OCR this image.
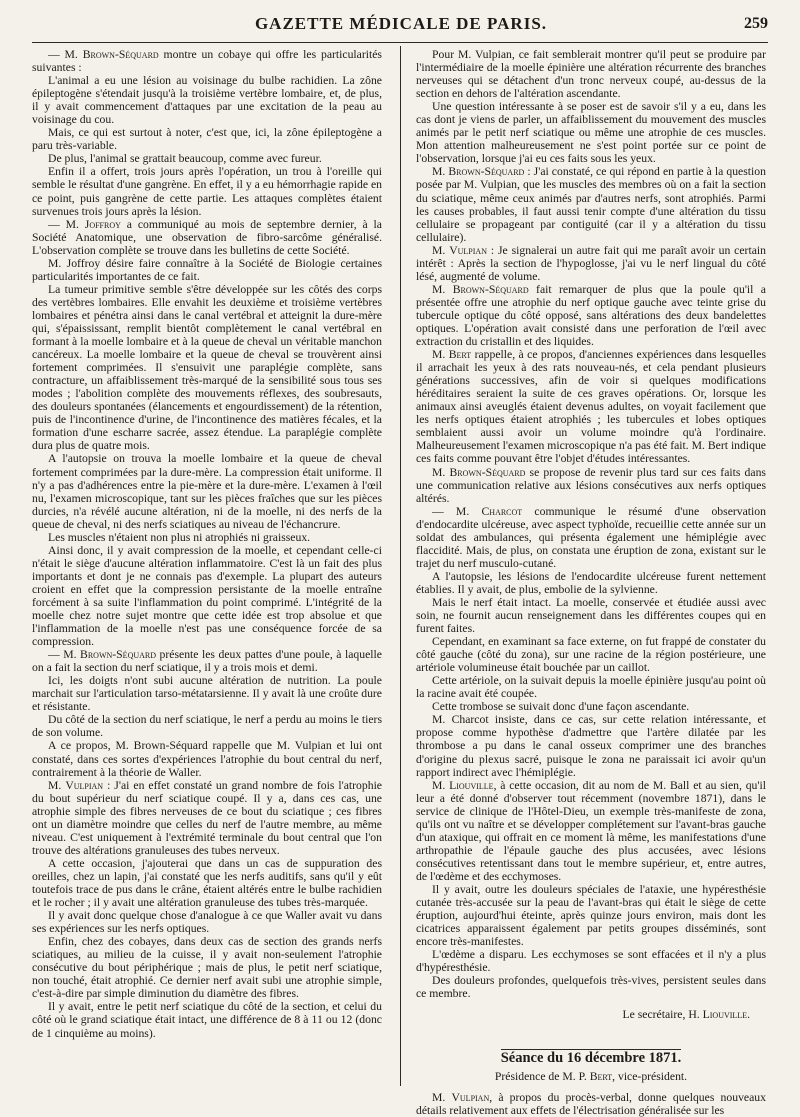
GAZETTE MÉDICALE DE PARIS.	259

— M. Brown-Séquard montre un cobaye qui offre les particularités suivantes :

L'animal a eu une lésion au voisinage du bulbe rachidien. La zône épileptogène s'étendait jusqu'à la troisième vertèbre lombaire, et, de plus, il y avait commencement d'attaques par une excitation de la peau au voisinage du cou.

Mais, ce qui est surtout à noter, c'est que, ici, la zône épileptogène a paru très-variable.

De plus, l'animal se grattait beaucoup, comme avec fureur.

Enfin il a offert, trois jours après l'opération, un trou à l'oreille qui semble le résultat d'une gangrène. En effet, il y a eu hémorrhagie rapide en ce point, puis gangrène de cette partie. Les attaques complètes étaient survenues trois jours après la lésion.

— M. Joffroy a communiqué au mois de septembre dernier, à la Société Anatomique, une observation de fibro-sarcôme généralisé. L'observation complète se trouve dans les bulletins de cette Société.

M. Joffroy désire faire connaître à la Société de Biologie certaines particularités importantes de ce fait.

La tumeur primitive semble s'être développée sur les côtés des corps des vertèbres lombaires. Elle envahit les deuxième et troisième vertèbres lombaires et pénétra ainsi dans le canal vertébral et atteignit la dure-mère qui, s'épaississant, remplit bientôt complètement le canal vertébral en formant à la moelle lombaire et à la queue de cheval un véritable manchon cancéreux. La moelle lombaire et la queue de cheval se trouvèrent ainsi fortement comprimées. Il s'ensuivit une paraplégie complète, sans contracture, un affaiblissement très-marqué de la sensibilité sous tous ses modes ; l'abolition complète des mouvements réflexes, des soubresauts, des douleurs spontanées (élancements et engourdissement) de la rétention, puis de l'incontinence d'urine, de l'incontinence des matières fécales, et la formation d'une escharre sacrée, assez étendue. La paraplégie complète dura plus de quatre mois.

A l'autopsie on trouva la moelle lombaire et la queue de cheval fortement comprimées par la dure-mère. La compression était uniforme. Il n'y a pas d'adhérences entre la pie-mère et la dure-mère. L'examen à l'œil nu, l'examen microscopique, tant sur les pièces fraîches que sur les pièces durcies, n'a révélé aucune altération, ni de la moelle, ni des nerfs de la queue de cheval, ni des nerfs sciatiques au niveau de l'échancrure.

Les muscles n'étaient non plus ni atrophiés ni graisseux.

Ainsi donc, il y avait compression de la moelle, et cependant celle-ci n'était le siège d'aucune altération inflammatoire. C'est là un fait des plus importants et dont je ne connais pas d'exemple. La plupart des auteurs croient en effet que la compression persistante de la moelle entraîne forcément à sa suite l'inflammation du point comprimé. L'intégrité de la moelle chez notre sujet montre que cette idée est trop absolue et que l'inflammation de la moelle n'est pas une conséquence forcée de sa compression.

— M. Brown-Séquard présente les deux pattes d'une poule, à laquelle on a fait la section du nerf sciatique, il y a trois mois et demi.

Ici, les doigts n'ont subi aucune altération de nutrition. La poule marchait sur l'articulation tarso-métatarsienne. Il y avait là une croûte dure et résistante.

Du côté de la section du nerf sciatique, le nerf a perdu au moins le tiers de son volume.

A ce propos, M. Brown-Séquard rappelle que M. Vulpian et lui ont constaté, dans ces sortes d'expériences l'atrophie du bout central du nerf, contrairement à la théorie de Waller.

M. Vulpian : J'ai en effet constaté un grand nombre de fois l'atrophie du bout supérieur du nerf sciatique coupé. Il y a, dans ces cas, une atrophie simple des fibres nerveuses de ce bout du sciatique ; ces fibres ont un diamètre moindre que celles du nerf de l'autre membre, au même niveau. C'est uniquement à l'extrémité terminale du bout central que l'on trouve des altérations granuleuses des tubes nerveux.

A cette occasion, j'ajouterai que dans un cas de suppuration des oreilles, chez un lapin, j'ai constaté que les nerfs auditifs, sans qu'il y eût toutefois trace de pus dans le crâne, étaient altérés entre le bulbe rachidien et le rocher ; il y avait une altération granuleuse des tubes très-marquée.

Il y avait donc quelque chose d'analogue à ce que Waller avait vu dans ses expériences sur les nerfs optiques.

Enfin, chez des cobayes, dans deux cas de section des grands nerfs sciatiques, au milieu de la cuisse, il y avait non-seulement l'atrophie consécutive du bout périphérique ; mais de plus, le petit nerf sciatique, non touché, était atrophié. Ce dernier nerf avait subi une atrophie simple, c'est-à-dire par simple diminution du diamètre des fibres.

Il y avait, entre le petit nerf sciatique du côté de la section, et celui du côté où le grand sciatique était intact, une différence de 8 à 11 ou 12 (donc de 1 cinquième au moins).

Pour M. Vulpian, ce fait semblerait montrer qu'il peut se produire par l'intermédiaire de la moelle épinière une altération récurrente des branches nerveuses qui se détachent d'un tronc nerveux coupé, au-dessus de la section en dehors de l'altération ascendante.

Une question intéressante à se poser est de savoir s'il y a eu, dans les cas dont je viens de parler, un affaiblissement du mouvement des muscles animés par le petit nerf sciatique ou même une atrophie de ces muscles. Mon attention malheureusement ne s'est point portée sur ce point de l'observation, lorsque j'ai eu ces faits sous les yeux.

M. Brown-Séquard : J'ai constaté, ce qui répond en partie à la question posée par M. Vulpian, que les muscles des membres où on a fait la section du sciatique, même ceux animés par d'autres nerfs, sont atrophiés. Parmi les causes probables, il faut aussi tenir compte d'une altération du tissu cellulaire se propageant par contiguité (car il y a altération du tissu cellulaire).

M. Vulpian : Je signalerai un autre fait qui me paraît avoir un certain intérêt : Après la section de l'hypoglosse, j'ai vu le nerf lingual du côté lésé, augmenté de volume.

M. Brown-Séquard fait remarquer de plus que la poule qu'il a présentée offre une atrophie du nerf optique gauche avec teinte grise du tubercule optique du côté opposé, sans altérations des deux bandelettes optiques. L'opération avait consisté dans une perforation de l'œil avec extraction du cristallin et des liquides.

M. Bert rappelle, à ce propos, d'anciennes expériences dans lesquelles il arrachait les yeux à des rats nouveau-nés, et cela pendant plusieurs générations successives, afin de voir si quelques modifications héréditaires seraient la suite de ces graves opérations. Or, lorsque les animaux ainsi aveuglés étaient devenus adultes, on voyait facilement que les nerfs optiques étaient atrophiés ; les tubercules et lobes optiques semblaient aussi avoir un volume moindre qu'à l'ordinaire. Malheureusement l'examen microscopique n'a pas été fait. M. Bert indique ces faits comme pouvant être l'objet d'études intéressantes.

M. Brown-Séquard se propose de revenir plus tard sur ces faits dans une communication relative aux lésions consécutives aux nerfs optiques altérés.

— M. Charcot communique le résumé d'une observation d'endocardite ulcéreuse, avec aspect typhoïde, recueillie cette année sur un soldat des ambulances, qui présenta également une hémiplégie avec flaccidité. Mais, de plus, on constata une éruption de zona, existant sur le trajet du nerf musculo-cutané.

A l'autopsie, les lésions de l'endocardite ulcéreuse furent nettement établies. Il y avait, de plus, embolie de la sylvienne.

Mais le nerf était intact. La moelle, conservée et étudiée aussi avec soin, ne fournit aucun renseignement dans les différentes coupes qui en furent faites.

Cependant, en examinant sa face externe, on fut frappé de constater du côté gauche (côté du zona), sur une racine de la région postérieure, une artériole volumineuse était bouchée par un caillot.

Cette artériole, on la suivait depuis la moelle épinière jusqu'au point où la racine avait été coupée.

Cette trombose se suivait donc d'une façon ascendante.

M. Charcot insiste, dans ce cas, sur cette relation intéressante, et propose comme hypothèse d'admettre que l'artère dilatée par les thrombose a pu dans le canal osseux comprimer une des branches d'origine du plexus sacré, puisque le zona ne paraissait ici avoir qu'un rapport indirect avec l'hémiplégie.

M. Liouville, à cette occasion, dit au nom de M. Ball et au sien, qu'il leur a été donné d'observer tout récemment (novembre 1871), dans le service de clinique de l'Hôtel-Dieu, un exemple très-manifeste de zona, qu'ils ont vu naître et se développer complétement sur l'avant-bras gauche d'un ataxique, qui offrait en ce moment là même, les manifestations d'une arthropathie de l'épaule gauche des plus accusées, avec lésions consécutives retentissant dans tout le membre supérieur, et, entre autres, de l'œdème et des ecchymoses.

Il y avait, outre les douleurs spéciales de l'ataxie, une hypéresthésie cutanée très-accusée sur la peau de l'avant-bras qui était le siège de cette éruption, aujourd'hui éteinte, après quinze jours environ, mais dont les cicatrices apparaissent également par petits groupes disséminés, sont encore très-manifestes.

L'œdème a disparu. Les ecchymoses se sont effacées et il n'y a plus d'hypéresthésie.

Des douleurs profondes, quelquefois très-vives, persistent seules dans ce membre.

Le secrétaire, H. Liouville.

Séance du 16 décembre 1871.

Présidence de M. P. Bert, vice-président.

M. Vulpian, à propos du procès-verbal, donne quelques nouveaux détails relativement aux effets de l'électrisation généralisée sur les
